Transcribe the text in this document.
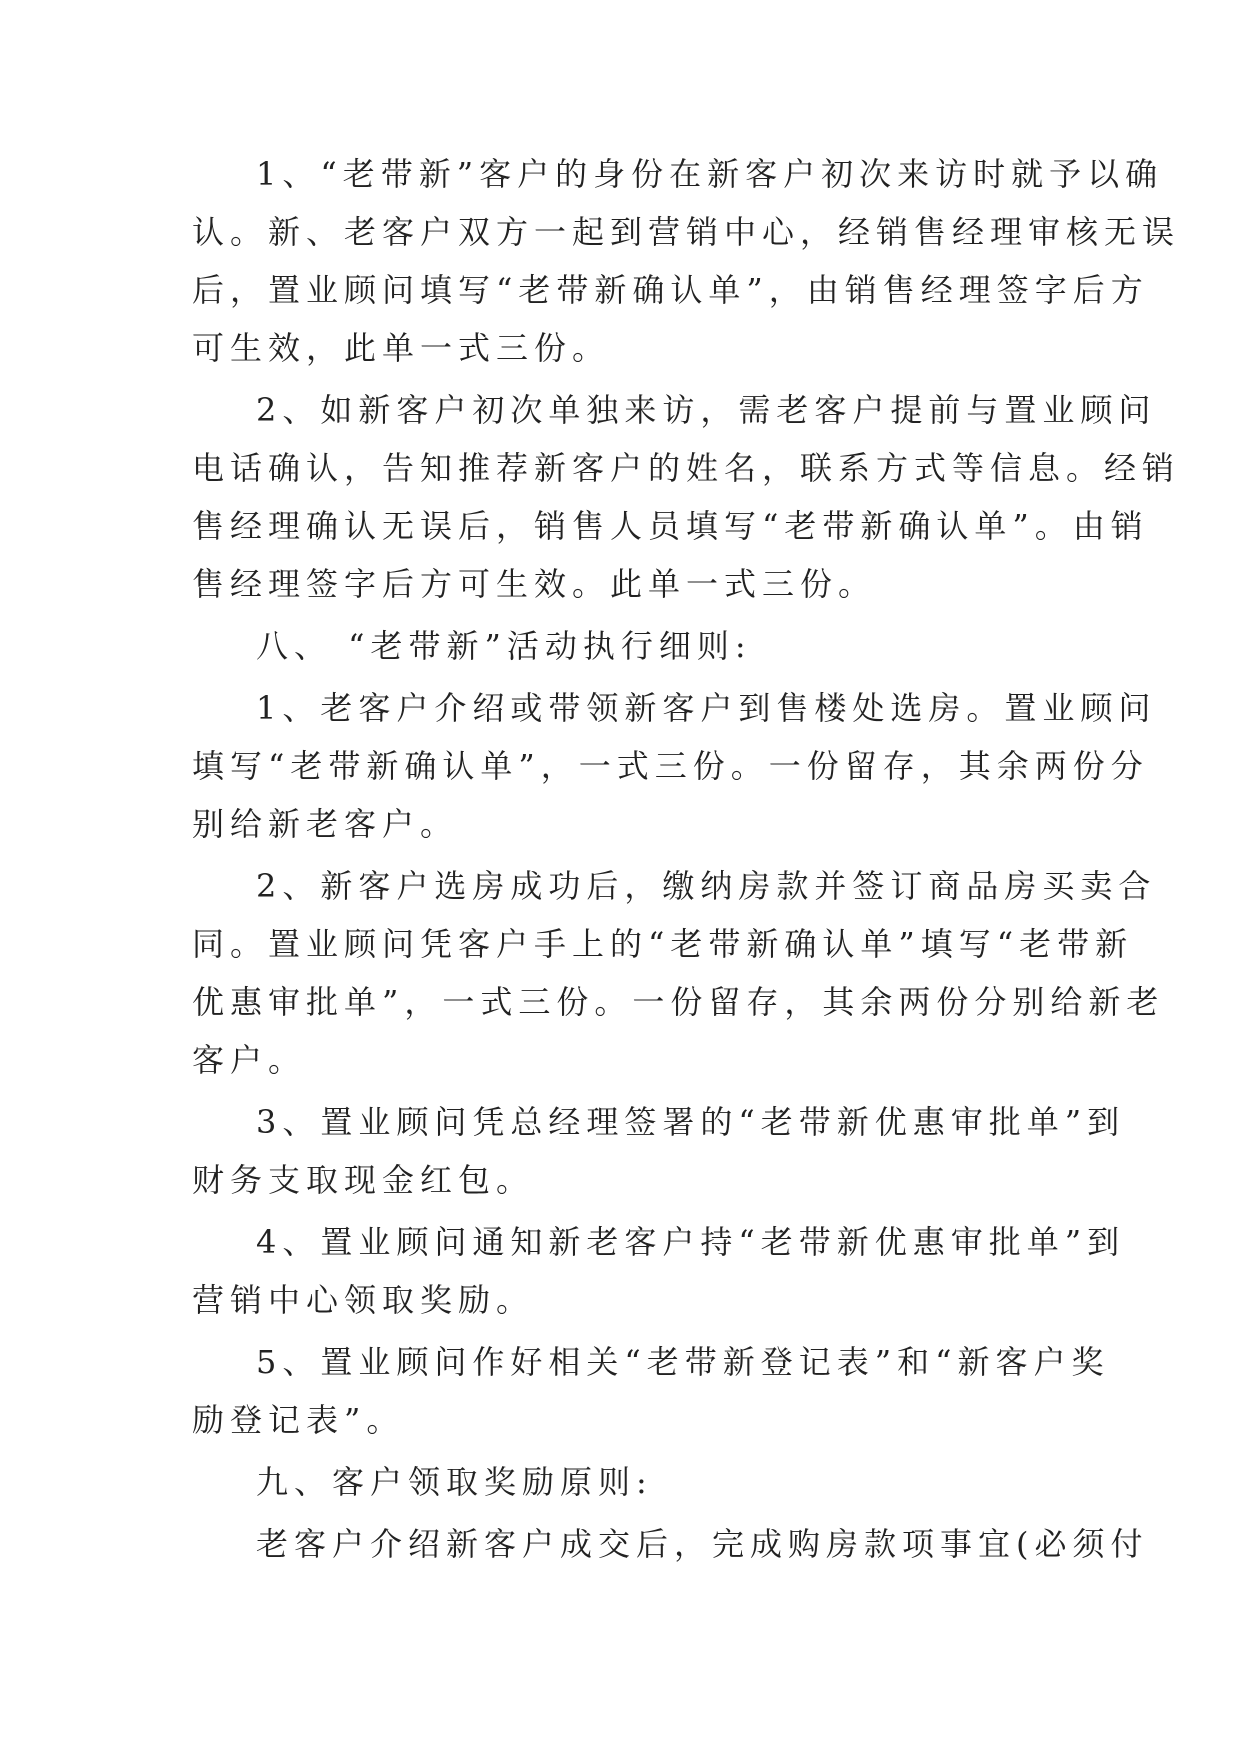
1、“老带新”客户的身份在新客户初次来访时就予以确

认。新、老客户双方一起到营销中心，经销售经理审核无误

后，置业顾问填写“老带新确认单”，由销售经理签字后方

可生效，此单一式三份。

2、如新客户初次单独来访，需老客户提前与置业顾问

电话确认，告知推荐新客户的姓名，联系方式等信息。经销

售经理确认无误后，销售人员填写“老带新确认单”。由销

售经理签字后方可生效。此单一式三份。

八、 “老带新”活动执行细则:

1、老客户介绍或带领新客户到售楼处选房。置业顾问

填写“老带新确认单”，一式三份。一份留存，其余两份分

别给新老客户。

2、新客户选房成功后，缴纳房款并签订商品房买卖合

同。置业顾问凭客户手上的“老带新确认单”填写“老带新

优惠审批单”，一式三份。一份留存，其余两份分别给新老

客户。

3、置业顾问凭总经理签署的“老带新优惠审批单”到

财务支取现金红包。

4、置业顾问通知新老客户持“老带新优惠审批单”到

营销中心领取奖励。

5、置业顾问作好相关“老带新登记表”和“新客户奖

励登记表”。

九、客户领取奖励原则:

老客户介绍新客户成交后，完成购房款项事宜(必须付
